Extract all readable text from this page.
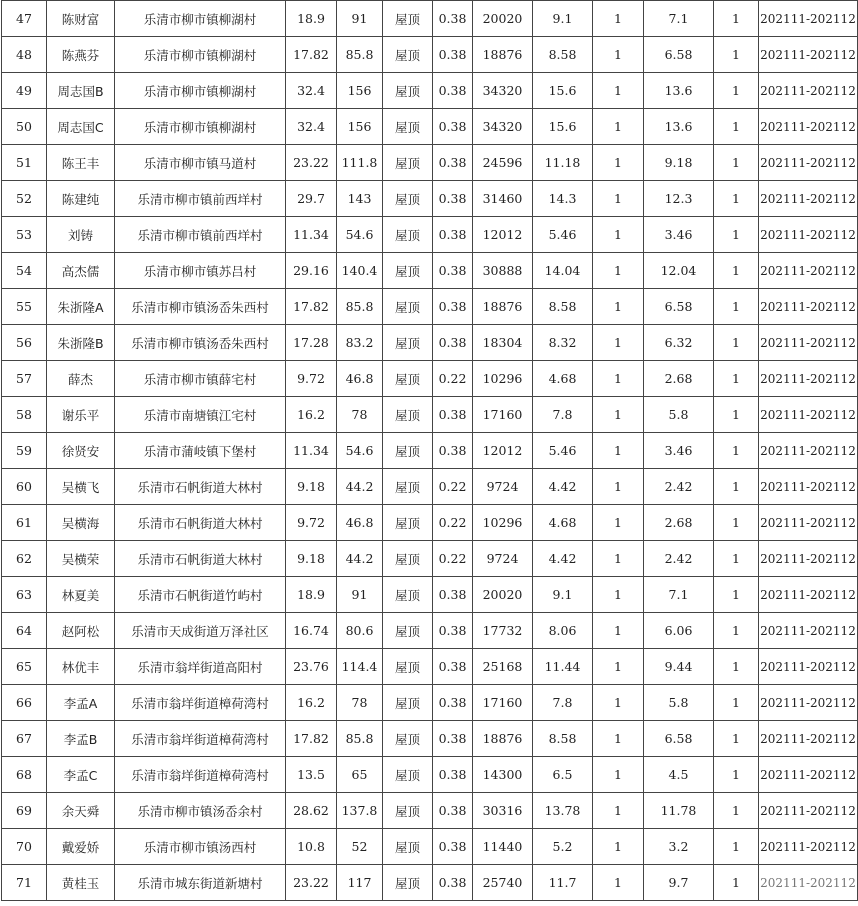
47	陈财富	乐清市柳市镇柳湖村	18.9	91	屋顶	0.38	20020	9.1	1	7.1	1	202111-202112
48	陈燕芬	乐清市柳市镇柳湖村	17.82	85.8	屋顶	0.38	18876	8.58	1	6.58	1	202111-202112
49	周志国B	乐清市柳市镇柳湖村	32.4	156	屋顶	0.38	34320	15.6	1	13.6	1	202111-202112
50	周志国C	乐清市柳市镇柳湖村	32.4	156	屋顶	0.38	34320	15.6	1	13.6	1	202111-202112
51	陈王丰	乐清市柳市镇马道村	23.22	111.8	屋顶	0.38	24596	11.18	1	9.18	1	202111-202112
52	陈建纯	乐清市柳市镇前西垟村	29.7	143	屋顶	0.38	31460	14.3	1	12.3	1	202111-202112
53	刘铸	乐清市柳市镇前西垟村	11.34	54.6	屋顶	0.38	12012	5.46	1	3.46	1	202111-202112
54	高杰儒	乐清市柳市镇苏吕村	29.16	140.4	屋顶	0.38	30888	14.04	1	12.04	1	202111-202112
55	朱浙隆A	乐清市柳市镇汤岙朱西村	17.82	85.8	屋顶	0.38	18876	8.58	1	6.58	1	202111-202112
56	朱浙隆B	乐清市柳市镇汤岙朱西村	17.28	83.2	屋顶	0.38	18304	8.32	1	6.32	1	202111-202112
57	薛杰	乐清市柳市镇薛宅村	9.72	46.8	屋顶	0.22	10296	4.68	1	2.68	1	202111-202112
58	谢乐平	乐清市南塘镇江宅村	16.2	78	屋顶	0.38	17160	7.8	1	5.8	1	202111-202112
59	徐贤安	乐清市蒲岐镇下堡村	11.34	54.6	屋顶	0.38	12012	5.46	1	3.46	1	202111-202112
60	吴横飞	乐清市石帆街道大林村	9.18	44.2	屋顶	0.22	9724	4.42	1	2.42	1	202111-202112
61	吴横海	乐清市石帆街道大林村	9.72	46.8	屋顶	0.22	10296	4.68	1	2.68	1	202111-202112
62	吴横荣	乐清市石帆街道大林村	9.18	44.2	屋顶	0.22	9724	4.42	1	2.42	1	202111-202112
63	林夏美	乐清市石帆街道竹屿村	18.9	91	屋顶	0.38	20020	9.1	1	7.1	1	202111-202112
64	赵阿松	乐清市天成街道万泽社区	16.74	80.6	屋顶	0.38	17732	8.06	1	6.06	1	202111-202112
65	林优丰	乐清市翁垟街道高阳村	23.76	114.4	屋顶	0.38	25168	11.44	1	9.44	1	202111-202112
66	李孟A	乐清市翁垟街道樟荷湾村	16.2	78	屋顶	0.38	17160	7.8	1	5.8	1	202111-202112
67	李孟B	乐清市翁垟街道樟荷湾村	17.82	85.8	屋顶	0.38	18876	8.58	1	6.58	1	202111-202112
68	李孟C	乐清市翁垟街道樟荷湾村	13.5	65	屋顶	0.38	14300	6.5	1	4.5	1	202111-202112
69	余天舜	乐清市柳市镇汤岙余村	28.62	137.8	屋顶	0.38	30316	13.78	1	11.78	1	202111-202112
70	戴爱娇	乐清市柳市镇汤西村	10.8	52	屋顶	0.38	11440	5.2	1	3.2	1	202111-202112
71	黄桂玉	乐清市城东街道新塘村	23.22	117	屋顶	0.38	25740	11.7	1	9.7	1	202111-202112
